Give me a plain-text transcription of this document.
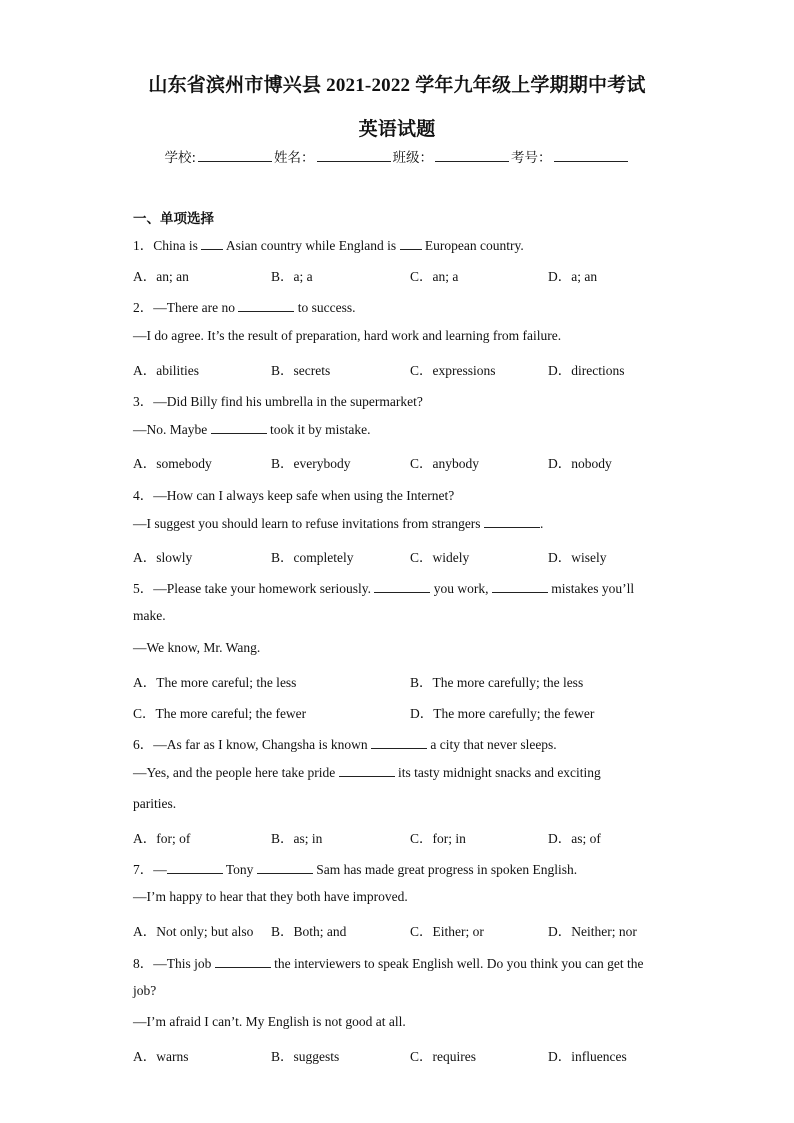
山东省滨州市博兴县 2021-2022 学年九年级上学期期中考试
英语试题
学校:	姓名：	班级：	考号：
一、单项选择
1．China is  Asian country while England is  European country.
A．an; an	B．a; a	C．an; a	D．a; an
2．—There are no	to success.
—I do agree. It’s the result of preparation, hard work and learning from failure.
A．abilities	B．secrets	C．expressions	D．directions
3．—Did Billy find his umbrella in the supermarket?
—No. Maybe	took it by mistake.
A．somebody	B．everybody	C．anybody	D．nobody
4．—How can I always keep safe when using the Internet?
—I suggest you should learn to refuse invitations from strangers	.
A．slowly	B．completely	C．widely	D．wisely
5．—Please take your homework seriously.	you work,	mistakes you’ll
make.
—We know, Mr. Wang.
A．The more careful; the less	B．The more carefully; the less
C．The more careful; the fewer	D．The more carefully; the fewer
6．—As far as I know, Changsha is known	a city that never sleeps.
—Yes, and the people here take pride	its tasty midnight snacks and exciting
parities.
A．for; of	B．as; in	C．for; in	D．as; of
7．—	Tony	Sam has made great progress in spoken English.
—I’m happy to hear that they both have improved.
A．Not only; but also B．Both; and	C．Either; or	D．Neither; nor
8．—This job	the interviewers to speak English well. Do you think you can get the
job?
—I’m afraid I can’t. My English is not good at all.
A．warns	B．suggests	C．requires	D．influences
